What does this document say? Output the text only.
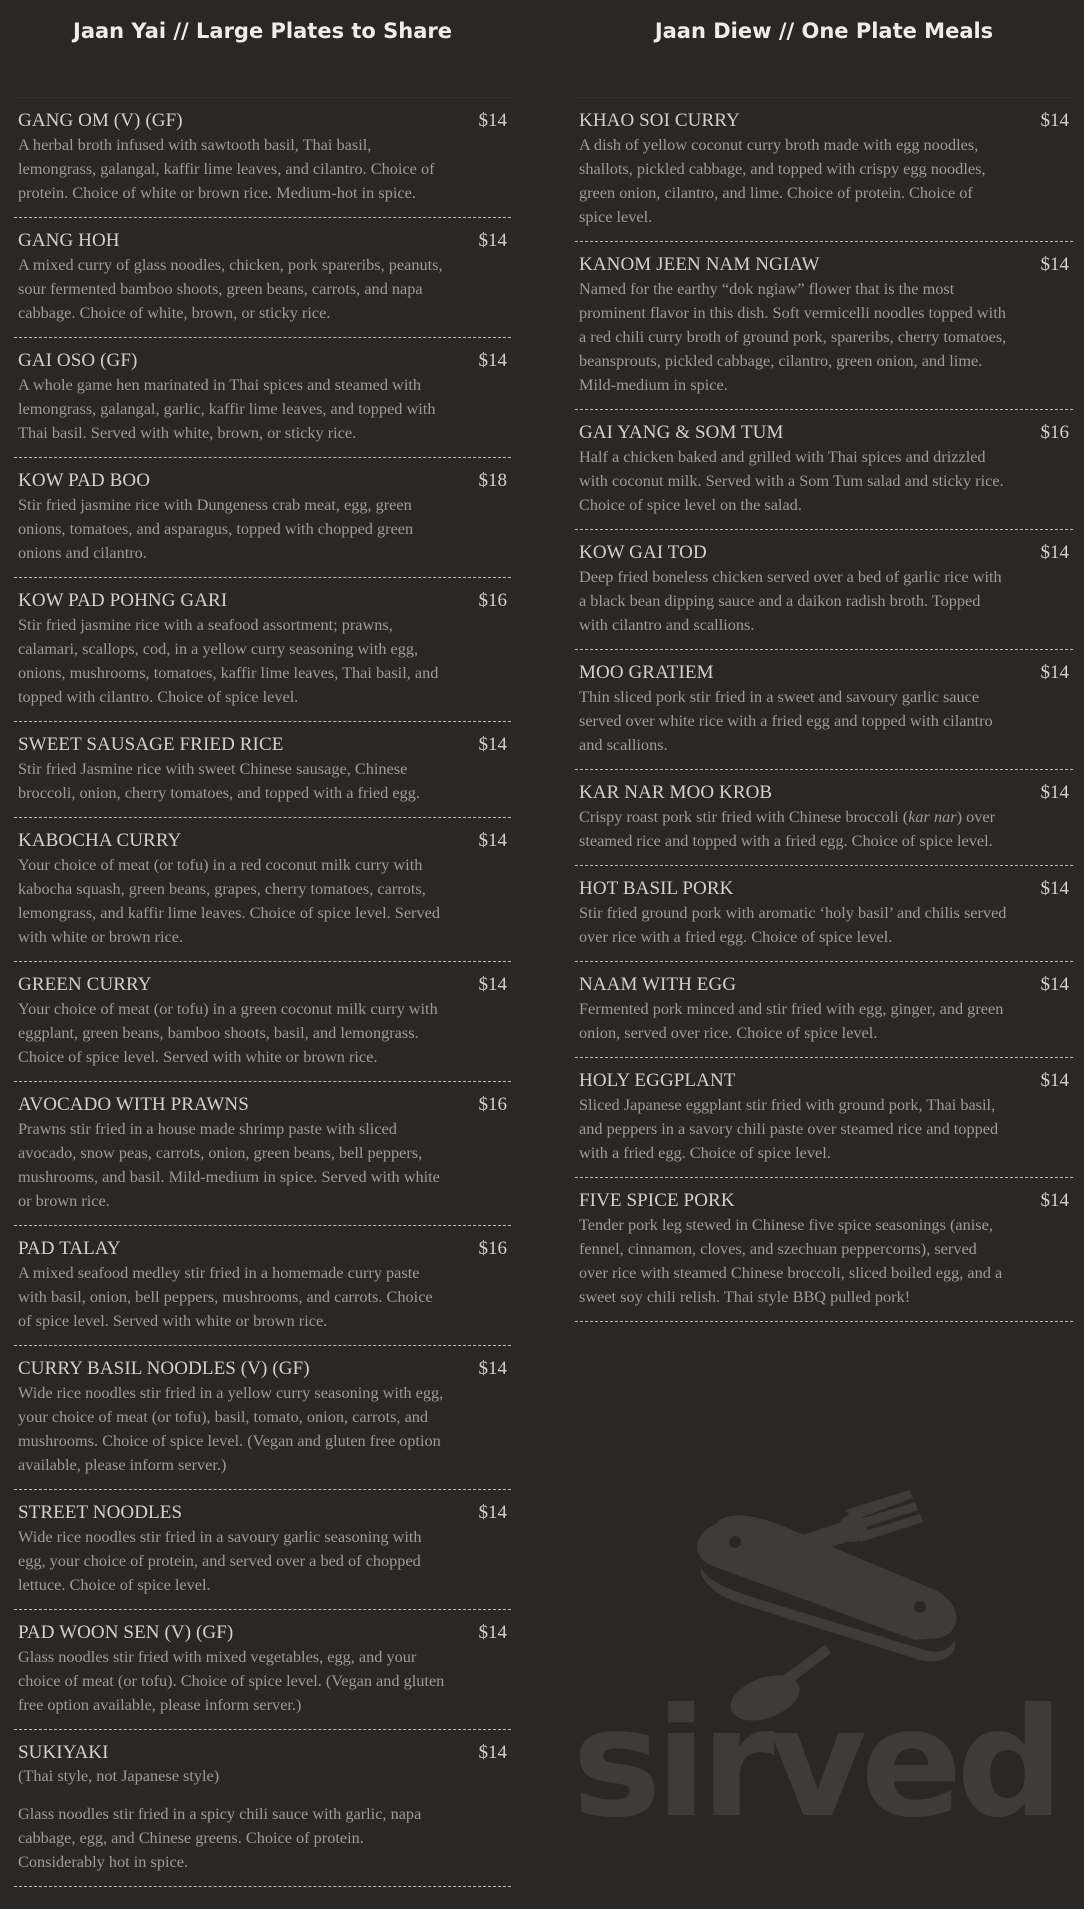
Jaan Yai // Large Plates to Share
GANG OM (V) (GF)	$14
A herbal broth infused with sawtooth basil, Thai basil, lemongrass, galangal, kaffir lime leaves, and cilantro. Choice of protein. Choice of white or brown rice. Medium-hot in spice.
GANG HOH	$14
A mixed curry of glass noodles, chicken, pork spareribs, peanuts, sour fermented bamboo shoots, green beans, carrots, and napa cabbage. Choice of white, brown, or sticky rice.
GAI OSO (GF)	$14
A whole game hen marinated in Thai spices and steamed with lemongrass, galangal, garlic, kaffir lime leaves, and topped with Thai basil. Served with white, brown, or sticky rice.
KOW PAD BOO	$18
Stir fried jasmine rice with Dungeness crab meat, egg, green onions, tomatoes, and asparagus, topped with chopped green onions and cilantro.
KOW PAD POHNG GARI	$16
Stir fried jasmine rice with a seafood assortment; prawns, calamari, scallops, cod, in a yellow curry seasoning with egg, onions, mushrooms, tomatoes, kaffir lime leaves, Thai basil, and topped with cilantro. Choice of spice level.
SWEET SAUSAGE FRIED RICE	$14
Stir fried Jasmine rice with sweet Chinese sausage, Chinese broccoli, onion, cherry tomatoes, and topped with a fried egg.
KABOCHA CURRY	$14
Your choice of meat (or tofu) in a red coconut milk curry with kabocha squash, green beans, grapes, cherry tomatoes, carrots, lemongrass, and kaffir lime leaves. Choice of spice level. Served with white or brown rice.
GREEN CURRY	$14
Your choice of meat (or tofu) in a green coconut milk curry with eggplant, green beans, bamboo shoots, basil, and lemongrass. Choice of spice level. Served with white or brown rice.
AVOCADO WITH PRAWNS	$16
Prawns stir fried in a house made shrimp paste with sliced avocado, snow peas, carrots, onion, green beans, bell peppers, mushrooms, and basil. Mild-medium in spice. Served with white or brown rice.
PAD TALAY	$16
A mixed seafood medley stir fried in a homemade curry paste with basil, onion, bell peppers, mushrooms, and carrots. Choice of spice level. Served with white or brown rice.
CURRY BASIL NOODLES (V) (GF)	$14
Wide rice noodles stir fried in a yellow curry seasoning with egg, your choice of meat (or tofu), basil, tomato, onion, carrots, and mushrooms. Choice of spice level. (Vegan and gluten free option available, please inform server.)
STREET NOODLES	$14
Wide rice noodles stir fried in a savoury garlic seasoning with egg, your choice of protein, and served over a bed of chopped lettuce. Choice of spice level.
PAD WOON SEN (V) (GF)	$14
Glass noodles stir fried with mixed vegetables, egg, and your choice of meat (or tofu). Choice of spice level. (Vegan and gluten free option available, please inform server.)
SUKIYAKI	$14
(Thai style, not Japanese style)
Glass noodles stir fried in a spicy chili sauce with garlic, napa cabbage, egg, and Chinese greens. Choice of protein. Considerably hot in spice.
Jaan Diew // One Plate Meals
KHAO SOI CURRY	$14
A dish of yellow coconut curry broth made with egg noodles, shallots, pickled cabbage, and topped with crispy egg noodles, green onion, cilantro, and lime. Choice of protein. Choice of spice level.
KANOM JEEN NAM NGIAW	$14
Named for the earthy “dok ngiaw” flower that is the most prominent flavor in this dish. Soft vermicelli noodles topped with a red chili curry broth of ground pork, spareribs, cherry tomatoes, beansprouts, pickled cabbage, cilantro, green onion, and lime. Mild-medium in spice.
GAI YANG & SOM TUM	$16
Half a chicken baked and grilled with Thai spices and drizzled with coconut milk. Served with a Som Tum salad and sticky rice. Choice of spice level on the salad.
KOW GAI TOD	$14
Deep fried boneless chicken served over a bed of garlic rice with a black bean dipping sauce and a daikon radish broth. Topped with cilantro and scallions.
MOO GRATIEM	$14
Thin sliced pork stir fried in a sweet and savoury garlic sauce served over white rice with a fried egg and topped with cilantro and scallions.
KAR NAR MOO KROB	$14
Crispy roast pork stir fried with Chinese broccoli (kar nar) over steamed rice and topped with a fried egg. Choice of spice level.
HOT BASIL PORK	$14
Stir fried ground pork with aromatic ‘holy basil’ and chilis served over rice with a fried egg. Choice of spice level.
NAAM WITH EGG	$14
Fermented pork minced and stir fried with egg, ginger, and green onion, served over rice. Choice of spice level.
HOLY EGGPLANT	$14
Sliced Japanese eggplant stir fried with ground pork, Thai basil, and peppers in a savory chili paste over steamed rice and topped with a fried egg. Choice of spice level.
FIVE SPICE PORK	$14
Tender pork leg stewed in Chinese five spice seasonings (anise, fennel, cinnamon, cloves, and szechuan peppercorns), served over rice with steamed Chinese broccoli, sliced boiled egg, and a sweet soy chili relish. Thai style BBQ pulled pork!
sirved
